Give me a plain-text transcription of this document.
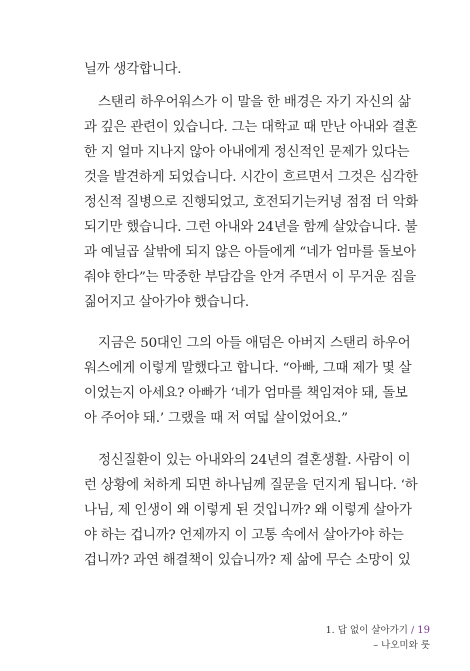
닐까 생각합니다.
스탠리 하우어워스가 이 말을 한 배경은 자기 자신의 삶
과 깊은 관련이 있습니다. 그는 대학교 때 만난 아내와 결혼
한 지 얼마 지나지 않아 아내에게 정신적인 문제가 있다는
것을 발견하게 되었습니다. 시간이 흐르면서 그것은 심각한
정신적 질병으로 진행되었고, 호전되기는커녕 점점 더 악화
되기만 했습니다. 그런 아내와 24년을 함께 살았습니다. 불
과 예닐곱 살밖에 되지 않은 아들에게 “네가 엄마를 돌보아
줘야 한다”는 막중한 부담감을 안겨 주면서 이 무거운 짐을
짊어지고 살아가야 했습니다.
지금은 50대인 그의 아들 애덤은 아버지 스탠리 하우어
워스에게 이렇게 말했다고 합니다. “아빠, 그때 제가 몇 살
이었는지 아세요? 아빠가 ‘네가 엄마를 책임져야 돼, 돌보
아 주어야 돼.’ 그랬을 때 저 여덟 살이었어요.”
정신질환이 있는 아내와의 24년의 결혼생활. 사람이 이
런 상황에 처하게 되면 하나님께 질문을 던지게 됩니다. ‘하
나님, 제 인생이 왜 이렇게 된 것입니까? 왜 이렇게 살아가
야 하는 겁니까? 언제까지 이 고통 속에서 살아가야 하는
겁니까? 과연 해결책이 있습니까? 제 삶에 무슨 소망이 있
1. 답 없이 살아가기 / 19
– 나오미와 룻
